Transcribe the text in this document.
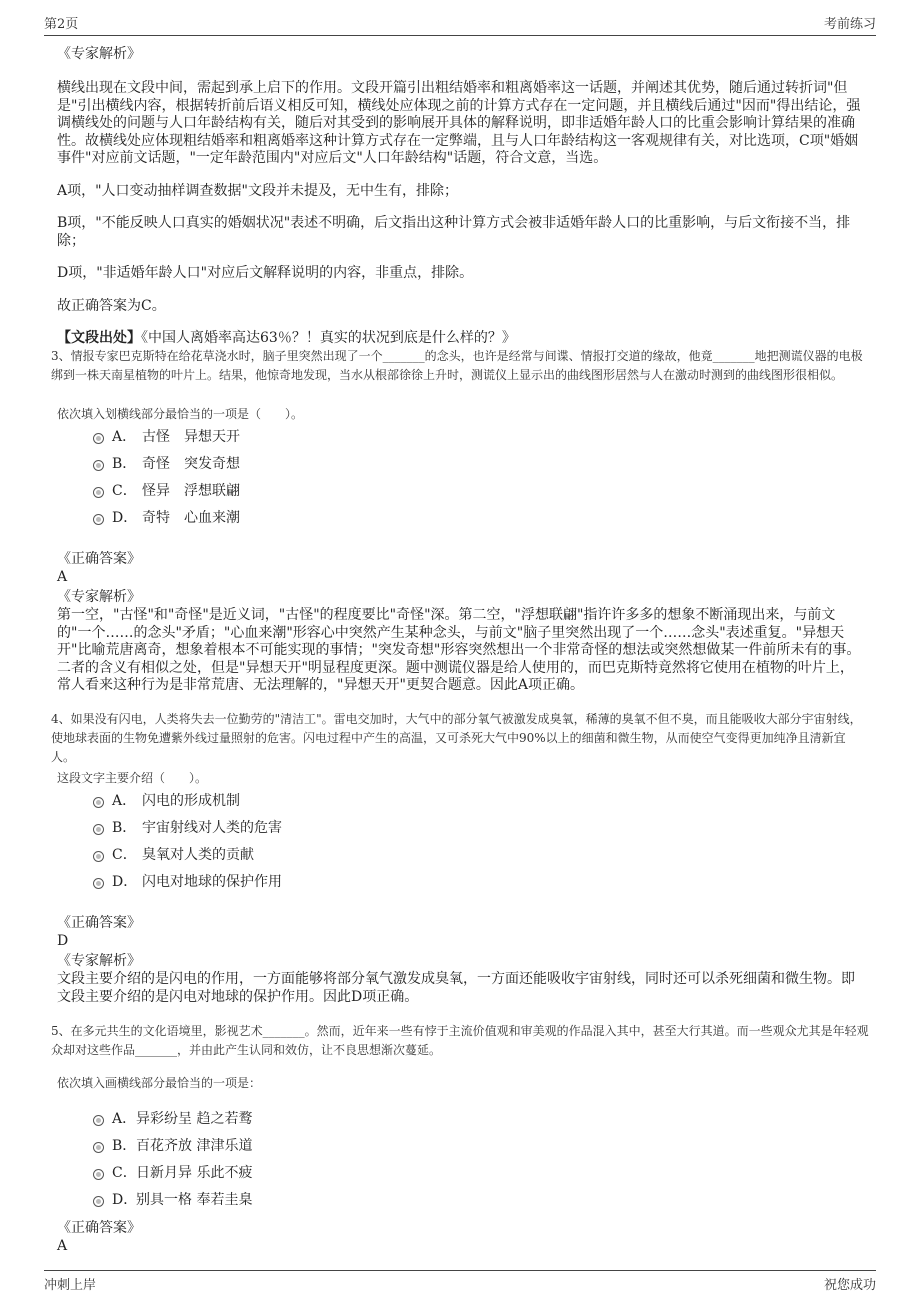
第2页	考前练习

《专家解析》

横线出现在文段中间，需起到承上启下的作用。文段开篇引出粗结婚率和粗离婚率这一话题，并阐述其优势，随后通过转折词"但是"引出横线内容，根据转折前后语义相反可知，横线处应体现之前的计算方式存在一定问题，并且横线后通过"因而"得出结论，强调横线处的问题与人口年龄结构有关，随后对其受到的影响展开具体的解释说明，即非适婚年龄人口的比重会影响计算结果的准确性。故横线处应体现粗结婚率和粗离婚率这种计算方式存在一定弊端，且与人口年龄结构这一客观规律有关，对比选项，C项"婚姻事件"对应前文话题，"一定年龄范围内"对应后文"人口年龄结构"话题，符合文意，当选。

A项，"人口变动抽样调查数据"文段并未提及，无中生有，排除；

B项，"不能反映人口真实的婚姻状况"表述不明确，后文指出这种计算方式会被非适婚年龄人口的比重影响，与后文衔接不当，排除；

D项，"非适婚年龄人口"对应后文解释说明的内容，非重点，排除。

故正确答案为C。

【文段出处】《中国人离婚率高达63％？！真实的状况到底是什么样的？》

3、情报专家巴克斯特在给花草浇水时，脑子里突然出现了一个_______的念头，也许是经常与间谍、情报打交道的缘故，他竟_______地把测谎仪器的电极绑到一株天南星植物的叶片上。结果，他惊奇地发现，当水从根部徐徐上升时，测谎仪上显示出的曲线图形居然与人在激动时测到的曲线图形很相似。

依次填入划横线部分最恰当的一项是（　　）。

A． 古怪 异想天开
B． 奇怪 突发奇想
C． 怪异 浮想联翩
D． 奇特 心血来潮

《正确答案》

A

《专家解析》

第一空，"古怪"和"奇怪"是近义词，"古怪"的程度要比"奇怪"深。第二空，"浮想联翩"指许许多多的想象不断涌现出来，与前文的"一个……的念头"矛盾；"心血来潮"形容心中突然产生某种念头，与前文"脑子里突然出现了一个……念头"表述重复。"异想天开"比喻荒唐离奇，想象着根本不可能实现的事情；"突发奇想"形容突然想出一个非常奇怪的想法或突然想做某一件前所未有的事。二者的含义有相似之处，但是"异想天开"明显程度更深。题中测谎仪器是给人使用的，而巴克斯特竟然将它使用在植物的叶片上，常人看来这种行为是非常荒唐、无法理解的，"异想天开"更契合题意。因此A项正确。

4、如果没有闪电，人类将失去一位勤劳的"清洁工"。雷电交加时，大气中的部分氧气被激发成臭氧，稀薄的臭氧不但不臭，而且能吸收大部分宇宙射线，使地球表面的生物免遭紫外线过量照射的危害。闪电过程中产生的高温，又可杀死大气中90%以上的细菌和微生物，从而使空气变得更加纯净且清新宜人。

这段文字主要介绍（　　）。

A． 闪电的形成机制
B． 宇宙射线对人类的危害
C． 臭氧对人类的贡献
D． 闪电对地球的保护作用

《正确答案》

D

《专家解析》

文段主要介绍的是闪电的作用，一方面能够将部分氧气激发成臭氧，一方面还能吸收宇宙射线，同时还可以杀死细菌和微生物。即文段主要介绍的是闪电对地球的保护作用。因此D项正确。

5、在多元共生的文化语境里，影视艺术_______。然而，近年来一些有悖于主流价值观和审美观的作品混入其中，甚至大行其道。而一些观众尤其是年轻观众却对这些作品_______，并由此产生认同和效仿，让不良思想渐次蔓延。

依次填入画横线部分最恰当的一项是：

A．异彩纷呈 趋之若鹜
B．百花齐放 津津乐道
C．日新月异 乐此不疲
D．别具一格 奉若圭臬

《正确答案》

A

冲刺上岸	祝您成功
